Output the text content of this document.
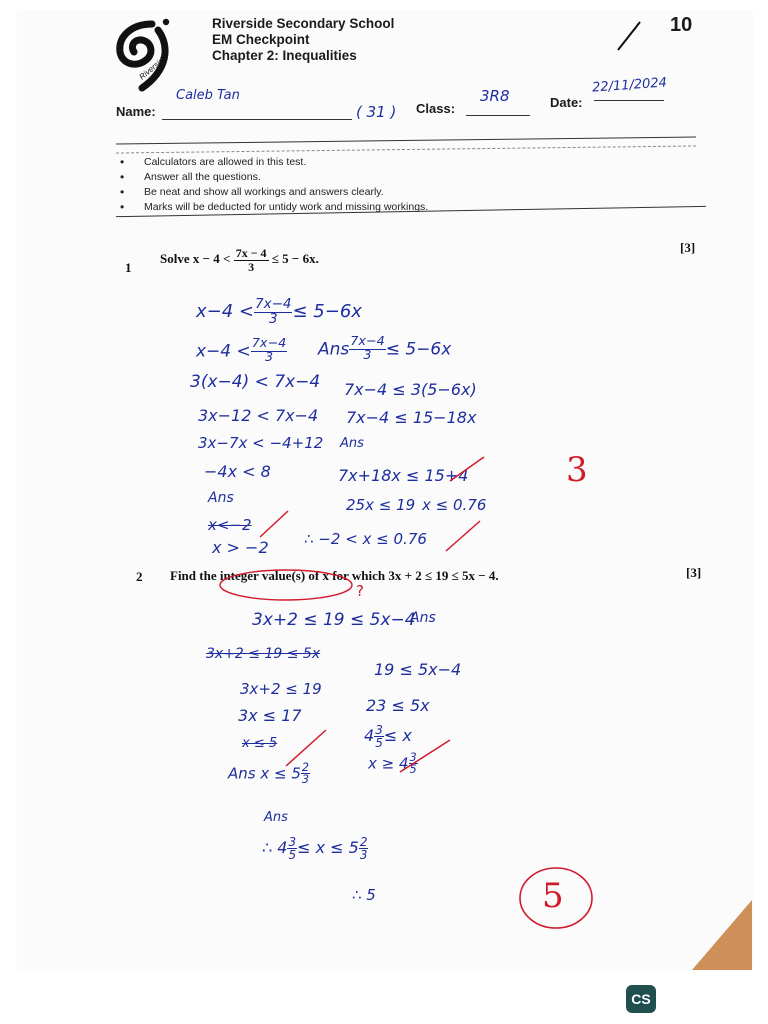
Riverside
Riverside Secondary School
EM Checkpoint
Chapter 2: Inequalities
10
Name:
Caleb Tan
( 31 ) Class:
3R8	Date:
22/11/2024
• Calculators are allowed in this test.
• Answer all the questions.
• Be neat and show all workings and answers clearly.
• Marks will be deducted for untidy work and missing workings.
1
Solve $x - 4 < \frac{7x - 4}{3} \le 5 - 6x$.
[3]
$x-4 < \frac{7x-4}{3} \le 5-6x$
$x-4 < \frac{7x-4}{3}$ Ans $\frac{7x-4}{3} \le 5-6x$
3(x−4) < 7x−4
3x−12 < 7x−4
3x−7x < −4+12
−4x < 8
Ans
x<−2
x > −2
7x−4 ≤ 3(5−6x)
7x−4 ≤ 15−18x
Ans
7x+18x ≤ 15+4
25x ≤ 19 x ≤ 0.76
∴ −2 < x ≤ 0.76
3
2 Find the integer value(s) of x for which 3x + 2 ≤ 19 ≤ 5x − 4.	[3]
?
3x+2 ≤ 19 ≤ 5x−4
Ans
3x+2 ≤ 19 ≤ 5x
3x+2 ≤ 19
3x ≤ 17
x ≤ 5
Ans $x \le 5 \frac{2}{3}$
19 ≤ 5x−4
23 ≤ 5x
$4 \frac{3}{5} \le x$
$x \ge 4 \frac{3}{5}$
Ans
∴ $4 \frac{3}{5} \le x \le 5 \frac{2}{3}$
∴ 5	5
CS
